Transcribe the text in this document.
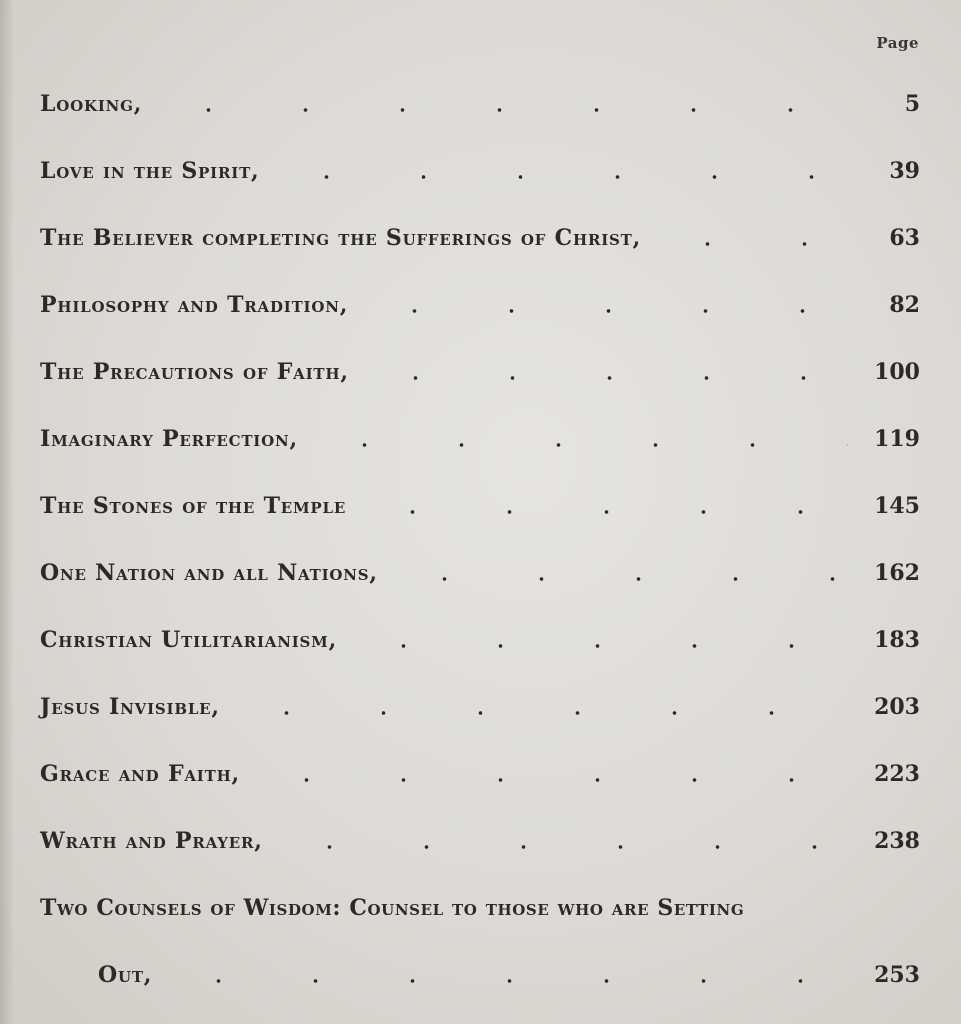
Page
Looking,	5
Love in the Spirit,	39
The Believer completing the Sufferings of Christ,	63
Philosophy and Tradition,	82
The Precautions of Faith,	100
Imaginary Perfection,	119
The Stones of the Temple	145
One Nation and all Nations,	162
Christian Utilitarianism,	183
Jesus Invisible,	203
Grace and Faith,	223
Wrath and Prayer,	238
Two Counsels of Wisdom: Counsel to those who are Setting
Out,	253
